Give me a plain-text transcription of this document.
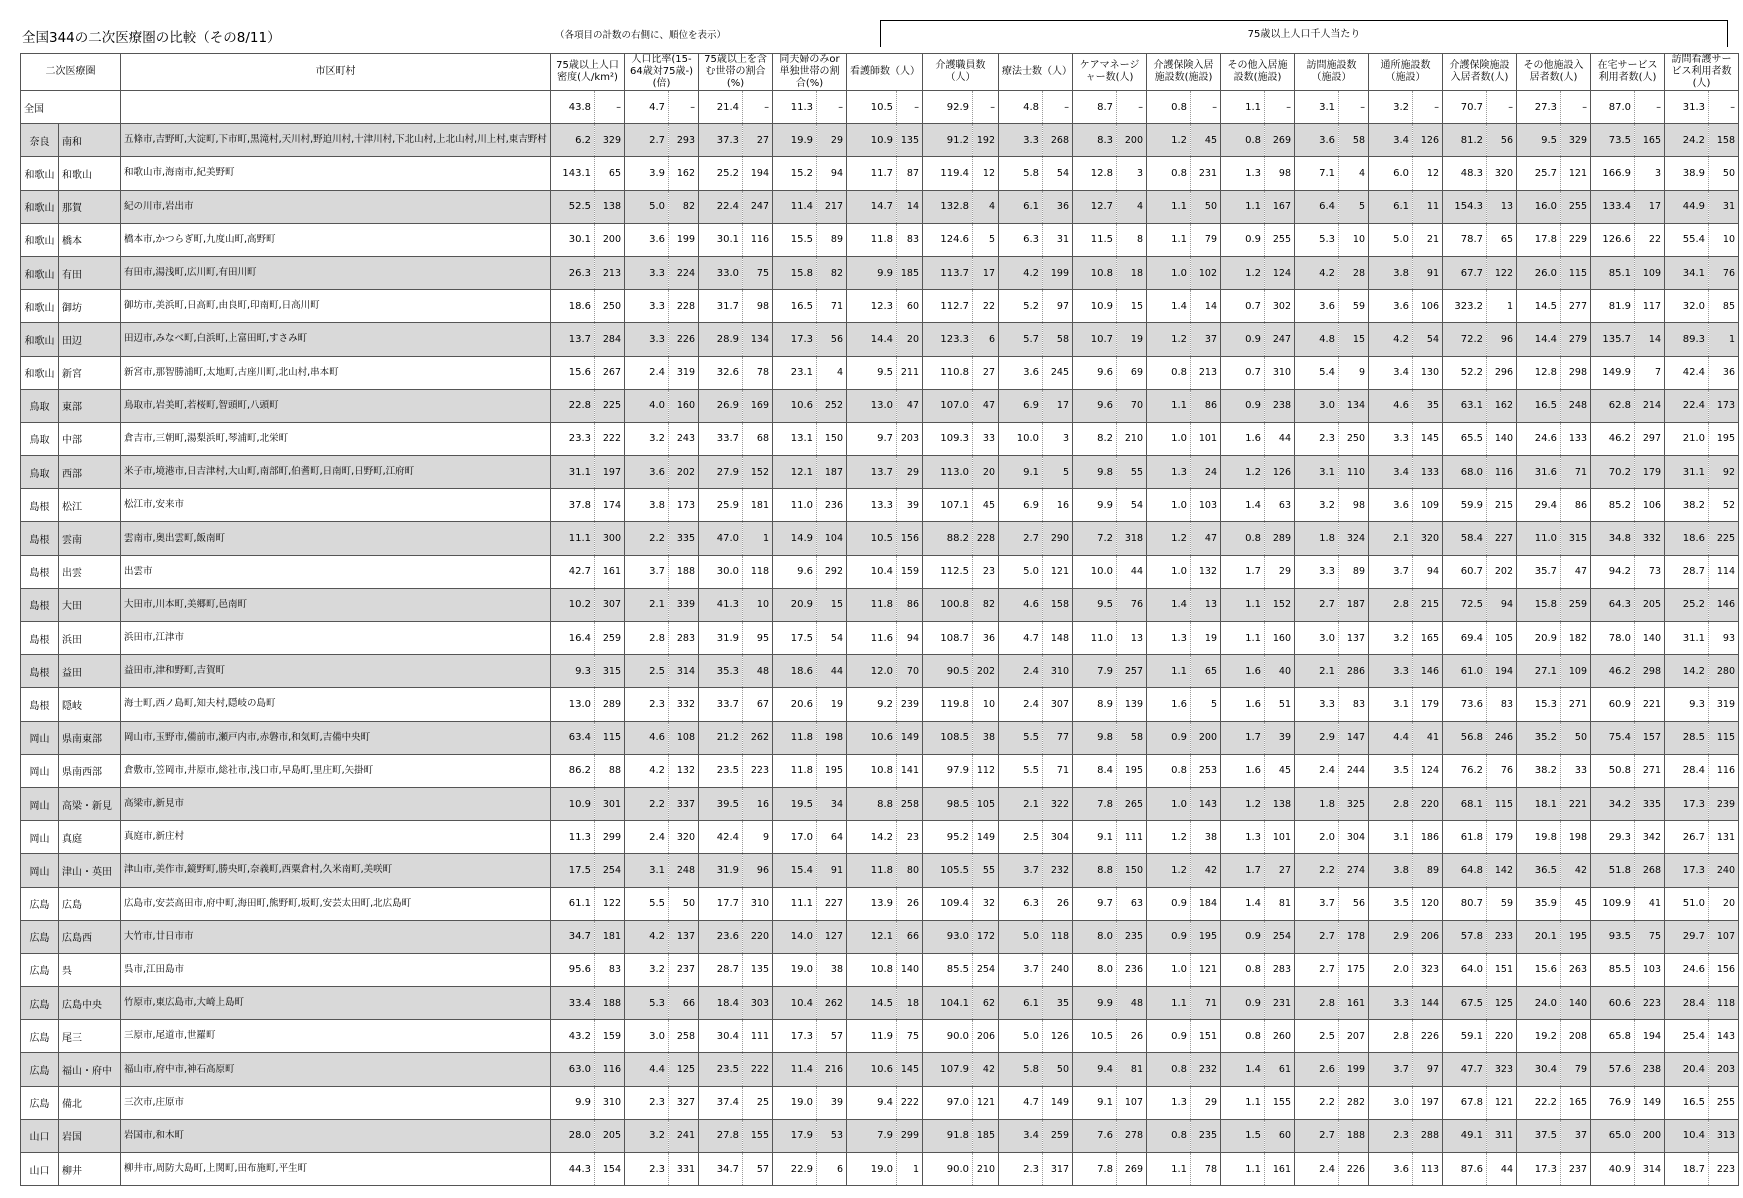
全国344の二次医療圏の比較（その8/11）	（各項目の計数の右側に、順位を表示）	75歳以上人口千人当たり
二次医療圏		市区町村	75歳以上人口密度(人/km²)		人口比率(15-64歳対75歳-)(倍)		75歳以上を含む世帯の割合(%)		同夫婦のみor単独世帯の割合(%)		看護師数（人）		介護職員数（人）		療法士数（人）		ケアマネージャー数(人)		介護保険入居施設数(施設)		その他入居施設数(施設)		訪問施設数（施設）		通所施設数（施設）		介護保険施設入居者数(人)		その他施設入居者数(人)		在宅サービス利用者数(人)		訪問看護サービス利用者数(人)	
全国			43.8	–	4.7	–	21.4	–	11.3	–	10.5	–	92.9	–	4.8	–	8.7	–	0.8	–	1.1	–	3.1	–	3.2	–	70.7	–	27.3	–	87.0	–	31.3	–
奈良	南和	五條市,吉野町,大淀町,下市町,黒滝村,天川村,野迫川村,十津川村,下北山村,上北山村,川上村,東吉野村	6.2	329	2.7	293	37.3	27	19.9	29	10.9	135	91.2	192	3.3	268	8.3	200	1.2	45	0.8	269	3.6	58	3.4	126	81.2	56	9.5	329	73.5	165	24.2	158
和歌山	和歌山	和歌山市,海南市,紀美野町	143.1	65	3.9	162	25.2	194	15.2	94	11.7	87	119.4	12	5.8	54	12.8	3	0.8	231	1.3	98	7.1	4	6.0	12	48.3	320	25.7	121	166.9	3	38.9	50
和歌山	那賀	紀の川市,岩出市	52.5	138	5.0	82	22.4	247	11.4	217	14.7	14	132.8	4	6.1	36	12.7	4	1.1	50	1.1	167	6.4	5	6.1	11	154.3	13	16.0	255	133.4	17	44.9	31
和歌山	橋本	橋本市,かつらぎ町,九度山町,高野町	30.1	200	3.6	199	30.1	116	15.5	89	11.8	83	124.6	5	6.3	31	11.5	8	1.1	79	0.9	255	5.3	10	5.0	21	78.7	65	17.8	229	126.6	22	55.4	10
和歌山	有田	有田市,湯浅町,広川町,有田川町	26.3	213	3.3	224	33.0	75	15.8	82	9.9	185	113.7	17	4.2	199	10.8	18	1.0	102	1.2	124	4.2	28	3.8	91	67.7	122	26.0	115	85.1	109	34.1	76
和歌山	御坊	御坊市,美浜町,日高町,由良町,印南町,日高川町	18.6	250	3.3	228	31.7	98	16.5	71	12.3	60	112.7	22	5.2	97	10.9	15	1.4	14	0.7	302	3.6	59	3.6	106	323.2	1	14.5	277	81.9	117	32.0	85
和歌山	田辺	田辺市,みなべ町,白浜町,上富田町,すさみ町	13.7	284	3.3	226	28.9	134	17.3	56	14.4	20	123.3	6	5.7	58	10.7	19	1.2	37	0.9	247	4.8	15	4.2	54	72.2	96	14.4	279	135.7	14	89.3	1
和歌山	新宮	新宮市,那智勝浦町,太地町,古座川町,北山村,串本町	15.6	267	2.4	319	32.6	78	23.1	4	9.5	211	110.8	27	3.6	245	9.6	69	0.8	213	0.7	310	5.4	9	3.4	130	52.2	296	12.8	298	149.9	7	42.4	36
鳥取	東部	鳥取市,岩美町,若桜町,智頭町,八頭町	22.8	225	4.0	160	26.9	169	10.6	252	13.0	47	107.0	47	6.9	17	9.6	70	1.1	86	0.9	238	3.0	134	4.6	35	63.1	162	16.5	248	62.8	214	22.4	173
鳥取	中部	倉吉市,三朝町,湯梨浜町,琴浦町,北栄町	23.3	222	3.2	243	33.7	68	13.1	150	9.7	203	109.3	33	10.0	3	8.2	210	1.0	101	1.6	44	2.3	250	3.3	145	65.5	140	24.6	133	46.2	297	21.0	195
鳥取	西部	米子市,境港市,日吉津村,大山町,南部町,伯耆町,日南町,日野町,江府町	31.1	197	3.6	202	27.9	152	12.1	187	13.7	29	113.0	20	9.1	5	9.8	55	1.3	24	1.2	126	3.1	110	3.4	133	68.0	116	31.6	71	70.2	179	31.1	92
島根	松江	松江市,安来市	37.8	174	3.8	173	25.9	181	11.0	236	13.3	39	107.1	45	6.9	16	9.9	54	1.0	103	1.4	63	3.2	98	3.6	109	59.9	215	29.4	86	85.2	106	38.2	52
島根	雲南	雲南市,奥出雲町,飯南町	11.1	300	2.2	335	47.0	1	14.9	104	10.5	156	88.2	228	2.7	290	7.2	318	1.2	47	0.8	289	1.8	324	2.1	320	58.4	227	11.0	315	34.8	332	18.6	225
島根	出雲	出雲市	42.7	161	3.7	188	30.0	118	9.6	292	10.4	159	112.5	23	5.0	121	10.0	44	1.0	132	1.7	29	3.3	89	3.7	94	60.7	202	35.7	47	94.2	73	28.7	114
島根	大田	大田市,川本町,美郷町,邑南町	10.2	307	2.1	339	41.3	10	20.9	15	11.8	86	100.8	82	4.6	158	9.5	76	1.4	13	1.1	152	2.7	187	2.8	215	72.5	94	15.8	259	64.3	205	25.2	146
島根	浜田	浜田市,江津市	16.4	259	2.8	283	31.9	95	17.5	54	11.6	94	108.7	36	4.7	148	11.0	13	1.3	19	1.1	160	3.0	137	3.2	165	69.4	105	20.9	182	78.0	140	31.1	93
島根	益田	益田市,津和野町,吉賀町	9.3	315	2.5	314	35.3	48	18.6	44	12.0	70	90.5	202	2.4	310	7.9	257	1.1	65	1.6	40	2.1	286	3.3	146	61.0	194	27.1	109	46.2	298	14.2	280
島根	隠岐	海士町,西ノ島町,知夫村,隠岐の島町	13.0	289	2.3	332	33.7	67	20.6	19	9.2	239	119.8	10	2.4	307	8.9	139	1.6	5	1.6	51	3.3	83	3.1	179	73.6	83	15.3	271	60.9	221	9.3	319
岡山	県南東部	岡山市,玉野市,備前市,瀬戸内市,赤磐市,和気町,吉備中央町	63.4	115	4.6	108	21.2	262	11.8	198	10.6	149	108.5	38	5.5	77	9.8	58	0.9	200	1.7	39	2.9	147	4.4	41	56.8	246	35.2	50	75.4	157	28.5	115
岡山	県南西部	倉敷市,笠岡市,井原市,総社市,浅口市,早島町,里庄町,矢掛町	86.2	88	4.2	132	23.5	223	11.8	195	10.8	141	97.9	112	5.5	71	8.4	195	0.8	253	1.6	45	2.4	244	3.5	124	76.2	76	38.2	33	50.8	271	28.4	116
岡山	高梁・新見	高梁市,新見市	10.9	301	2.2	337	39.5	16	19.5	34	8.8	258	98.5	105	2.1	322	7.8	265	1.0	143	1.2	138	1.8	325	2.8	220	68.1	115	18.1	221	34.2	335	17.3	239
岡山	真庭	真庭市,新庄村	11.3	299	2.4	320	42.4	9	17.0	64	14.2	23	95.2	149	2.5	304	9.1	111	1.2	38	1.3	101	2.0	304	3.1	186	61.8	179	19.8	198	29.3	342	26.7	131
岡山	津山・英田	津山市,美作市,鏡野町,勝央町,奈義町,西粟倉村,久米南町,美咲町	17.5	254	3.1	248	31.9	96	15.4	91	11.8	80	105.5	55	3.7	232	8.8	150	1.2	42	1.7	27	2.2	274	3.8	89	64.8	142	36.5	42	51.8	268	17.3	240
広島	広島	広島市,安芸高田市,府中町,海田町,熊野町,坂町,安芸太田町,北広島町	61.1	122	5.5	50	17.7	310	11.1	227	13.9	26	109.4	32	6.3	26	9.7	63	0.9	184	1.4	81	3.7	56	3.5	120	80.7	59	35.9	45	109.9	41	51.0	20
広島	広島西	大竹市,廿日市市	34.7	181	4.2	137	23.6	220	14.0	127	12.1	66	93.0	172	5.0	118	8.0	235	0.9	195	0.9	254	2.7	178	2.9	206	57.8	233	20.1	195	93.5	75	29.7	107
広島	呉	呉市,江田島市	95.6	83	3.2	237	28.7	135	19.0	38	10.8	140	85.5	254	3.7	240	8.0	236	1.0	121	0.8	283	2.7	175	2.0	323	64.0	151	15.6	263	85.5	103	24.6	156
広島	広島中央	竹原市,東広島市,大崎上島町	33.4	188	5.3	66	18.4	303	10.4	262	14.5	18	104.1	62	6.1	35	9.9	48	1.1	71	0.9	231	2.8	161	3.3	144	67.5	125	24.0	140	60.6	223	28.4	118
広島	尾三	三原市,尾道市,世羅町	43.2	159	3.0	258	30.4	111	17.3	57	11.9	75	90.0	206	5.0	126	10.5	26	0.9	151	0.8	260	2.5	207	2.8	226	59.1	220	19.2	208	65.8	194	25.4	143
広島	福山・府中	福山市,府中市,神石高原町	63.0	116	4.4	125	23.5	222	11.4	216	10.6	145	107.9	42	5.8	50	9.4	81	0.8	232	1.4	61	2.6	199	3.7	97	47.7	323	30.4	79	57.6	238	20.4	203
広島	備北	三次市,庄原市	9.9	310	2.3	327	37.4	25	19.0	39	9.4	222	97.0	121	4.7	149	9.1	107	1.3	29	1.1	155	2.2	282	3.0	197	67.8	121	22.2	165	76.9	149	16.5	255
山口	岩国	岩国市,和木町	28.0	205	3.2	241	27.8	155	17.9	53	7.9	299	91.8	185	3.4	259	7.6	278	0.8	235	1.5	60	2.7	188	2.3	288	49.1	311	37.5	37	65.0	200	10.4	313
山口	柳井	柳井市,周防大島町,上関町,田布施町,平生町	44.3	154	2.3	331	34.7	57	22.9	6	19.0	1	90.0	210	2.3	317	7.8	269	1.1	78	1.1	161	2.4	226	3.6	113	87.6	44	17.3	237	40.9	314	18.7	223
